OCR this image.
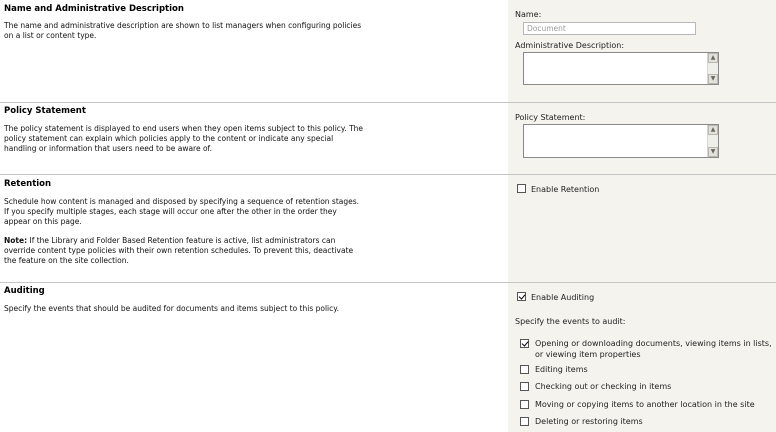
Name and Administrative Description
The name and administrative description are shown to list managers when configuring policies on a list or content type.
Name:
Document
Administrative Description:
▲
▼
Policy Statement
The policy statement is displayed to end users when they open items subject to this policy. The policy statement can explain which policies apply to the content or indicate any special handling or information that users need to be aware of.
Policy Statement:
▲
▼
Retention
Schedule how content is managed and disposed by specifying a sequence of retention stages. If you specify multiple stages, each stage will occur one after the other in the order they appear on this page.
Note: If the Library and Folder Based Retention feature is active, list administrators can override content type policies with their own retention schedules. To prevent this, deactivate the feature on the site collection.
Enable Retention
Auditing
Specify the events that should be audited for documents and items subject to this policy.
Enable Auditing
Specify the events to audit:
Opening or downloading documents, viewing items in lists, or viewing item properties
Editing items
Checking out or checking in items
Moving or copying items to another location in the site
Deleting or restoring items
